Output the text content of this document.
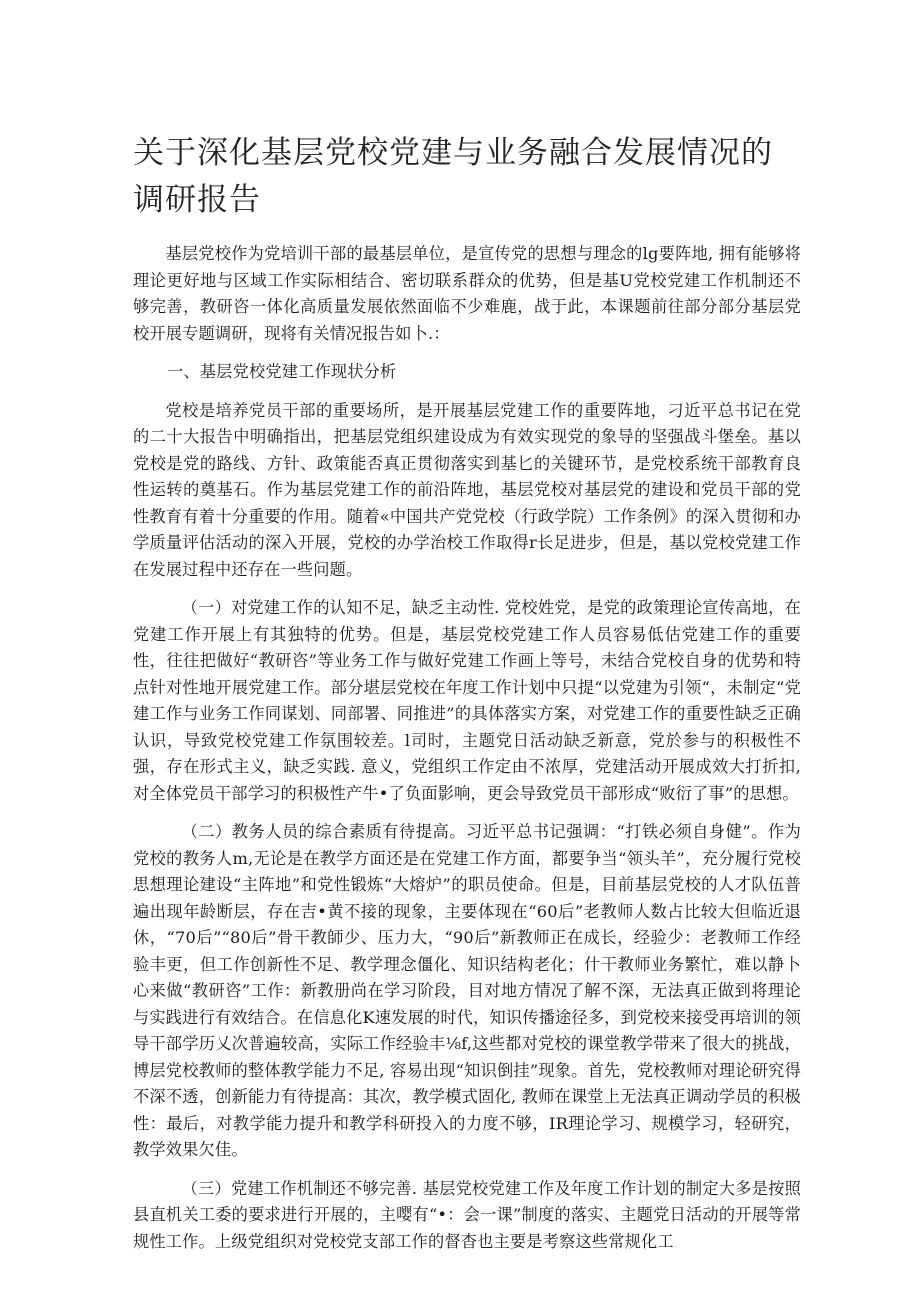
关于深化基层党校党建与业务融合发展情况的调研报告

基层党校作为党培训干部的最基层单位，是宣传党的思想与理念的lg要阵地, 拥有能够将理论更好地与区域工作实际相结合、密切联系群众的优势，但是基U党校党建工作机制还不够完善，教研咨一体化高质量发展依然面临不少难鹿，战于此，本课题前往部分部分基层党校开展专题调研，现将有关情况报告如卜.：

一、基层党校党建工作现状分析

党校是培养党员干部的重要场所，是开展基层党建工作的重要阵地，刁近平总书记在党的二十大报告中明确指出，把基层党组织建设成为有效实现党的象导的坚强战斗堡垒。基以党校是党的路线、方针、政策能否真正贯彻落实到基匕的关键环节，是党校系统干部教育良性运转的奠基石。作为基层党建工作的前沿阵地，基层党校对基层党的建设和党员干部的党性教育有着十分重要的作用。随着«中国共产党党校（行政学院）工作条例》的深入贯彻和办学质量评估活动的深入开展，党校的办学治校工作取得r长足进步，但是，基以党校党建工作在发展过程中还存在一些问题。

（一）对党建工作的认知不足，缺乏主动性. 党校姓党，是党的政策理论宣传高地，在党建工作开展上有其独特的优势。但是，基层党校党建工作人员容易低估党建工作的重要性，往往把做好“教研咨”等业务工作与做好党建工作画上等号，未结合党校自身的优势和特点针对性地开展党建工作。部分堪层党校在年度工作计划中只提“以党建为引领“，未制定“党建工作与业务工作同谋划、同部署、同推进”的具体落实方案，对党建工作的重要性缺乏正确认识，导致党校党建工作氛围较差。l司时，主题党日活动缺乏新意，党於参与的积极性不强，存在形式主义，缺乏实践. 意义，党组织工作定由不浓厚，党建活动开展成效大打折扣, 对全体党员干部学习的积极性产牛•了负面影响，更会导致党员干部形成“败衍了事”的思想。

（二）教务人员的综合素质有待提高。习近平总书记强调：“打铁必须自身健”。作为党校的教务人m,无论是在教学方面还是在党建工作方面，都要争当“领头羊”，充分履行党校思想理论建设“主阵地”和党性锻炼“大熔炉”的职员使命。但是，目前基层党校的人才队伍普遍出现年龄断层，存在吉•黄不接的现象，主要体现在“60后”老教师人数占比较大但临近退休，“70后”“80后”骨干教師少、压力大，“90后”新教师正在成长，经验少：老教师工作经验丰更，但工作创新性不足、教学理念僵化、知识结构老化；什干教师业务繁忙，难以静卜心来做“教研咨”工作：新教册尚在学习阶段，目对地方情况了解不深，无法真正做到将理论与实践进行有效结合。在信息化K速发展的时代，知识传播途径多，到党校来接受再培训的领导干部学历乂次普遍较高，实际工作经验丰⅛f,这些都对党校的课堂教学带来了很大的挑战，博层党校教师的整体教学能力不足, 容易出现“知识倒挂”现象。首先，党校教师对理论研究得不深不透，创新能力有待提高：其次，教学模式固化, 教师在课堂上无法真正调动学员的积极性：最后，对教学能力提升和教学科研投入的力度不够，IR理论学习、规模学习，轻研究，教学效果欠佳。

（三）党建工作机制还不够完善. 基层党校党建工作及年度工作计划的制定大多是按照县直机关工委的要求进行开展的，主嘤有“•：会一课”制度的落实、主题党日活动的开展等常规性工作。上级党组织对党校党支部工作的督杳也主要是考察这些常规化工
